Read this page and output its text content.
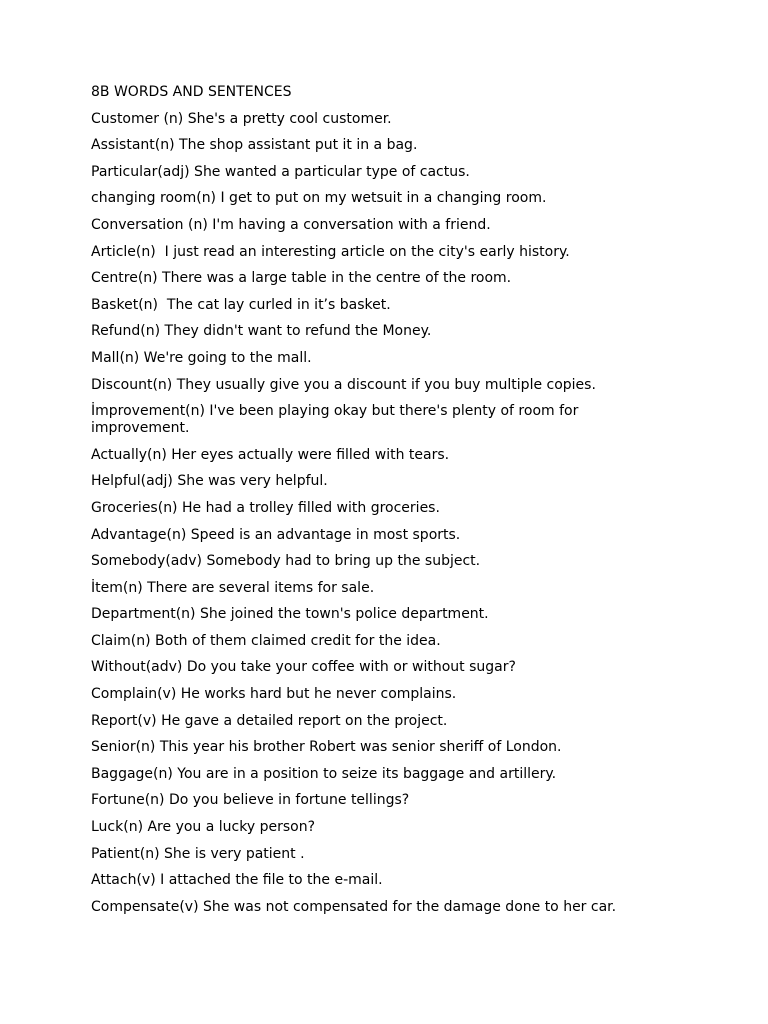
8B WORDS AND SENTENCES
Customer (n) She's a pretty cool customer.
Assistant(n) The shop assistant put it in a bag.
Particular(adj) She wanted a particular type of cactus.
changing room(n) I get to put on my wetsuit in a changing room.
Conversation (n) I'm having a conversation with a friend.
Article(n)  I just read an interesting article on the city's early history.
Centre(n) There was a large table in the centre of the room.
Basket(n)  The cat lay curled in it’s basket.
Refund(n) They didn't want to refund the Money.
Mall(n) We're going to the mall.
Discount(n) They usually give you a discount if you buy multiple copies.
İmprovement(n) I've been playing okay but there's plenty of room for improvement.
Actually(n) Her eyes actually were filled with tears.
Helpful(adj) She was very helpful.
Groceries(n) He had a trolley filled with groceries.
Advantage(n) Speed is an advantage in most sports.
Somebody(adv) Somebody had to bring up the subject.
İtem(n) There are several items for sale.
Department(n) She joined the town's police department.
Claim(n) Both of them claimed credit for the idea.
Without(adv) Do you take your coffee with or without sugar?
Complain(v) He works hard but he never complains.
Report(v) He gave a detailed report on the project.
Senior(n) This year his brother Robert was senior sheriff of London.
Baggage(n) You are in a position to seize its baggage and artillery.
Fortune(n) Do you believe in fortune tellings?
Luck(n) Are you a lucky person?
Patient(n) She is very patient .
Attach(v) I attached the file to the e-mail.
Compensate(v) She was not compensated for the damage done to her car.
